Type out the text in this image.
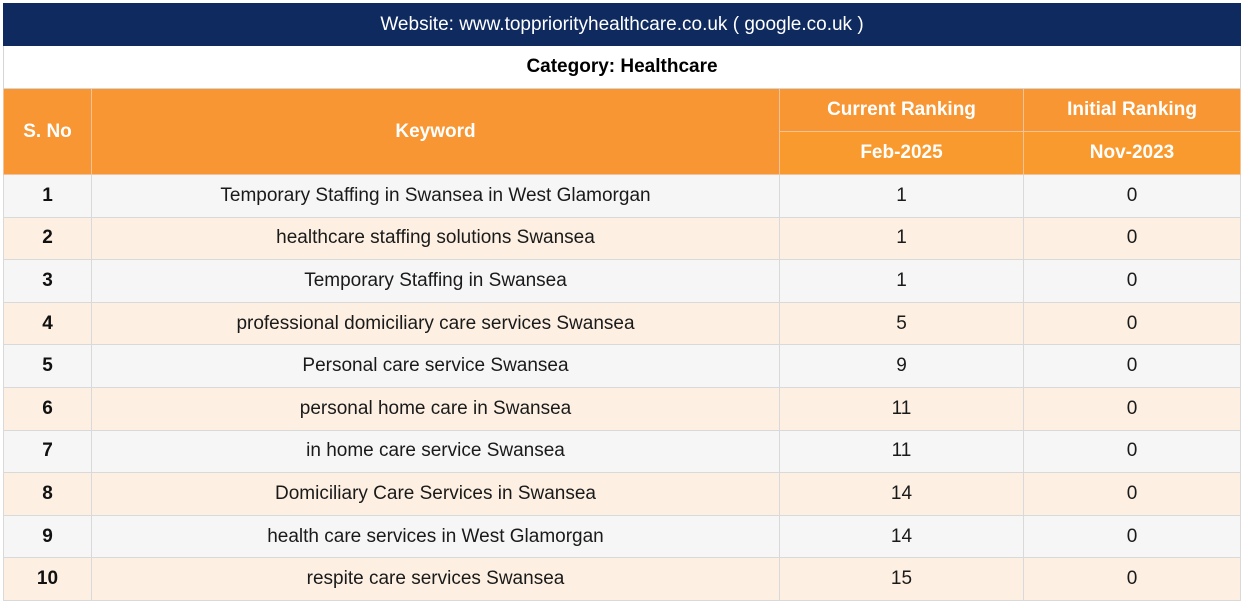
Website: www.toppriorityhealthcare.co.uk ( google.co.uk )			
Category: Healthcare			
S. No	Keyword	Current Ranking	Initial Ranking
		Feb-2025	Nov-2023
1	Temporary Staffing in Swansea in West Glamorgan	1	0
2	healthcare staffing solutions Swansea	1	0
3	Temporary Staffing in Swansea	1	0
4	professional domiciliary care services Swansea	5	0
5	Personal care service Swansea	9	0
6	personal home care in Swansea	11	0
7	in home care service Swansea	11	0
8	Domiciliary Care Services in Swansea	14	0
9	health care services in West Glamorgan	14	0
10	respite care services Swansea	15	0
